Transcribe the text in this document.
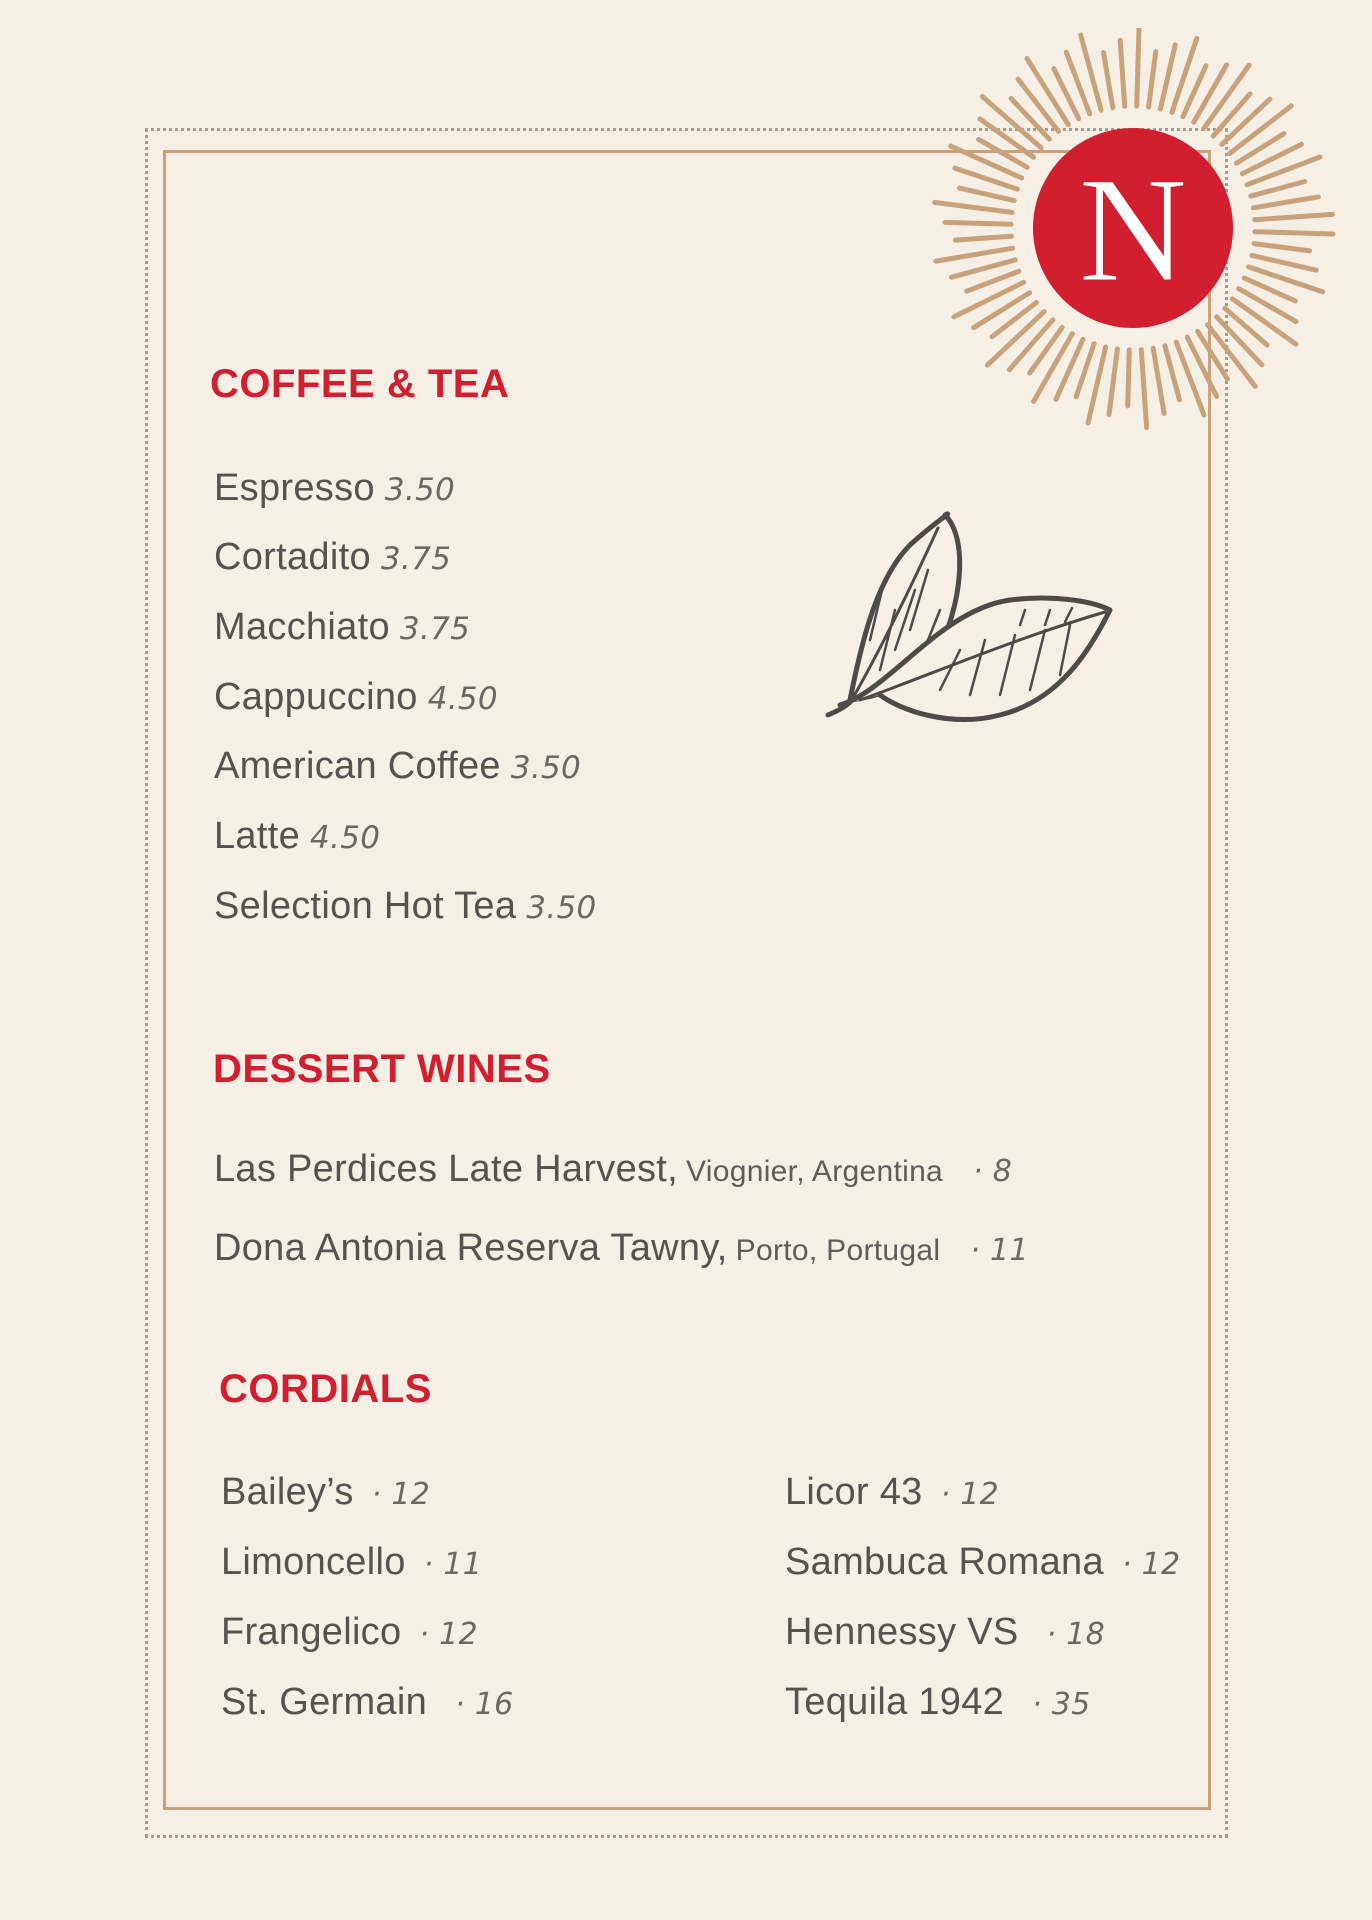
N
COFFEE & TEA
Espresso 3.50
Cortadito 3.75
Macchiato 3.75
Cappuccino 4.50
American Coffee 3.50
Latte 4.50
Selection Hot Tea 3.50
DESSERT WINES
Las Perdices Late Harvest, Viognier, Argentina · 8
Dona Antonia Reserva Tawny, Porto, Portugal · 11
CORDIALS
Bailey’s · 12
Limoncello · 11
Frangelico · 12
St. Germain · 16
Licor 43 · 12
Sambuca Romana · 12
Hennessy VS · 18
Tequila 1942 · 35
